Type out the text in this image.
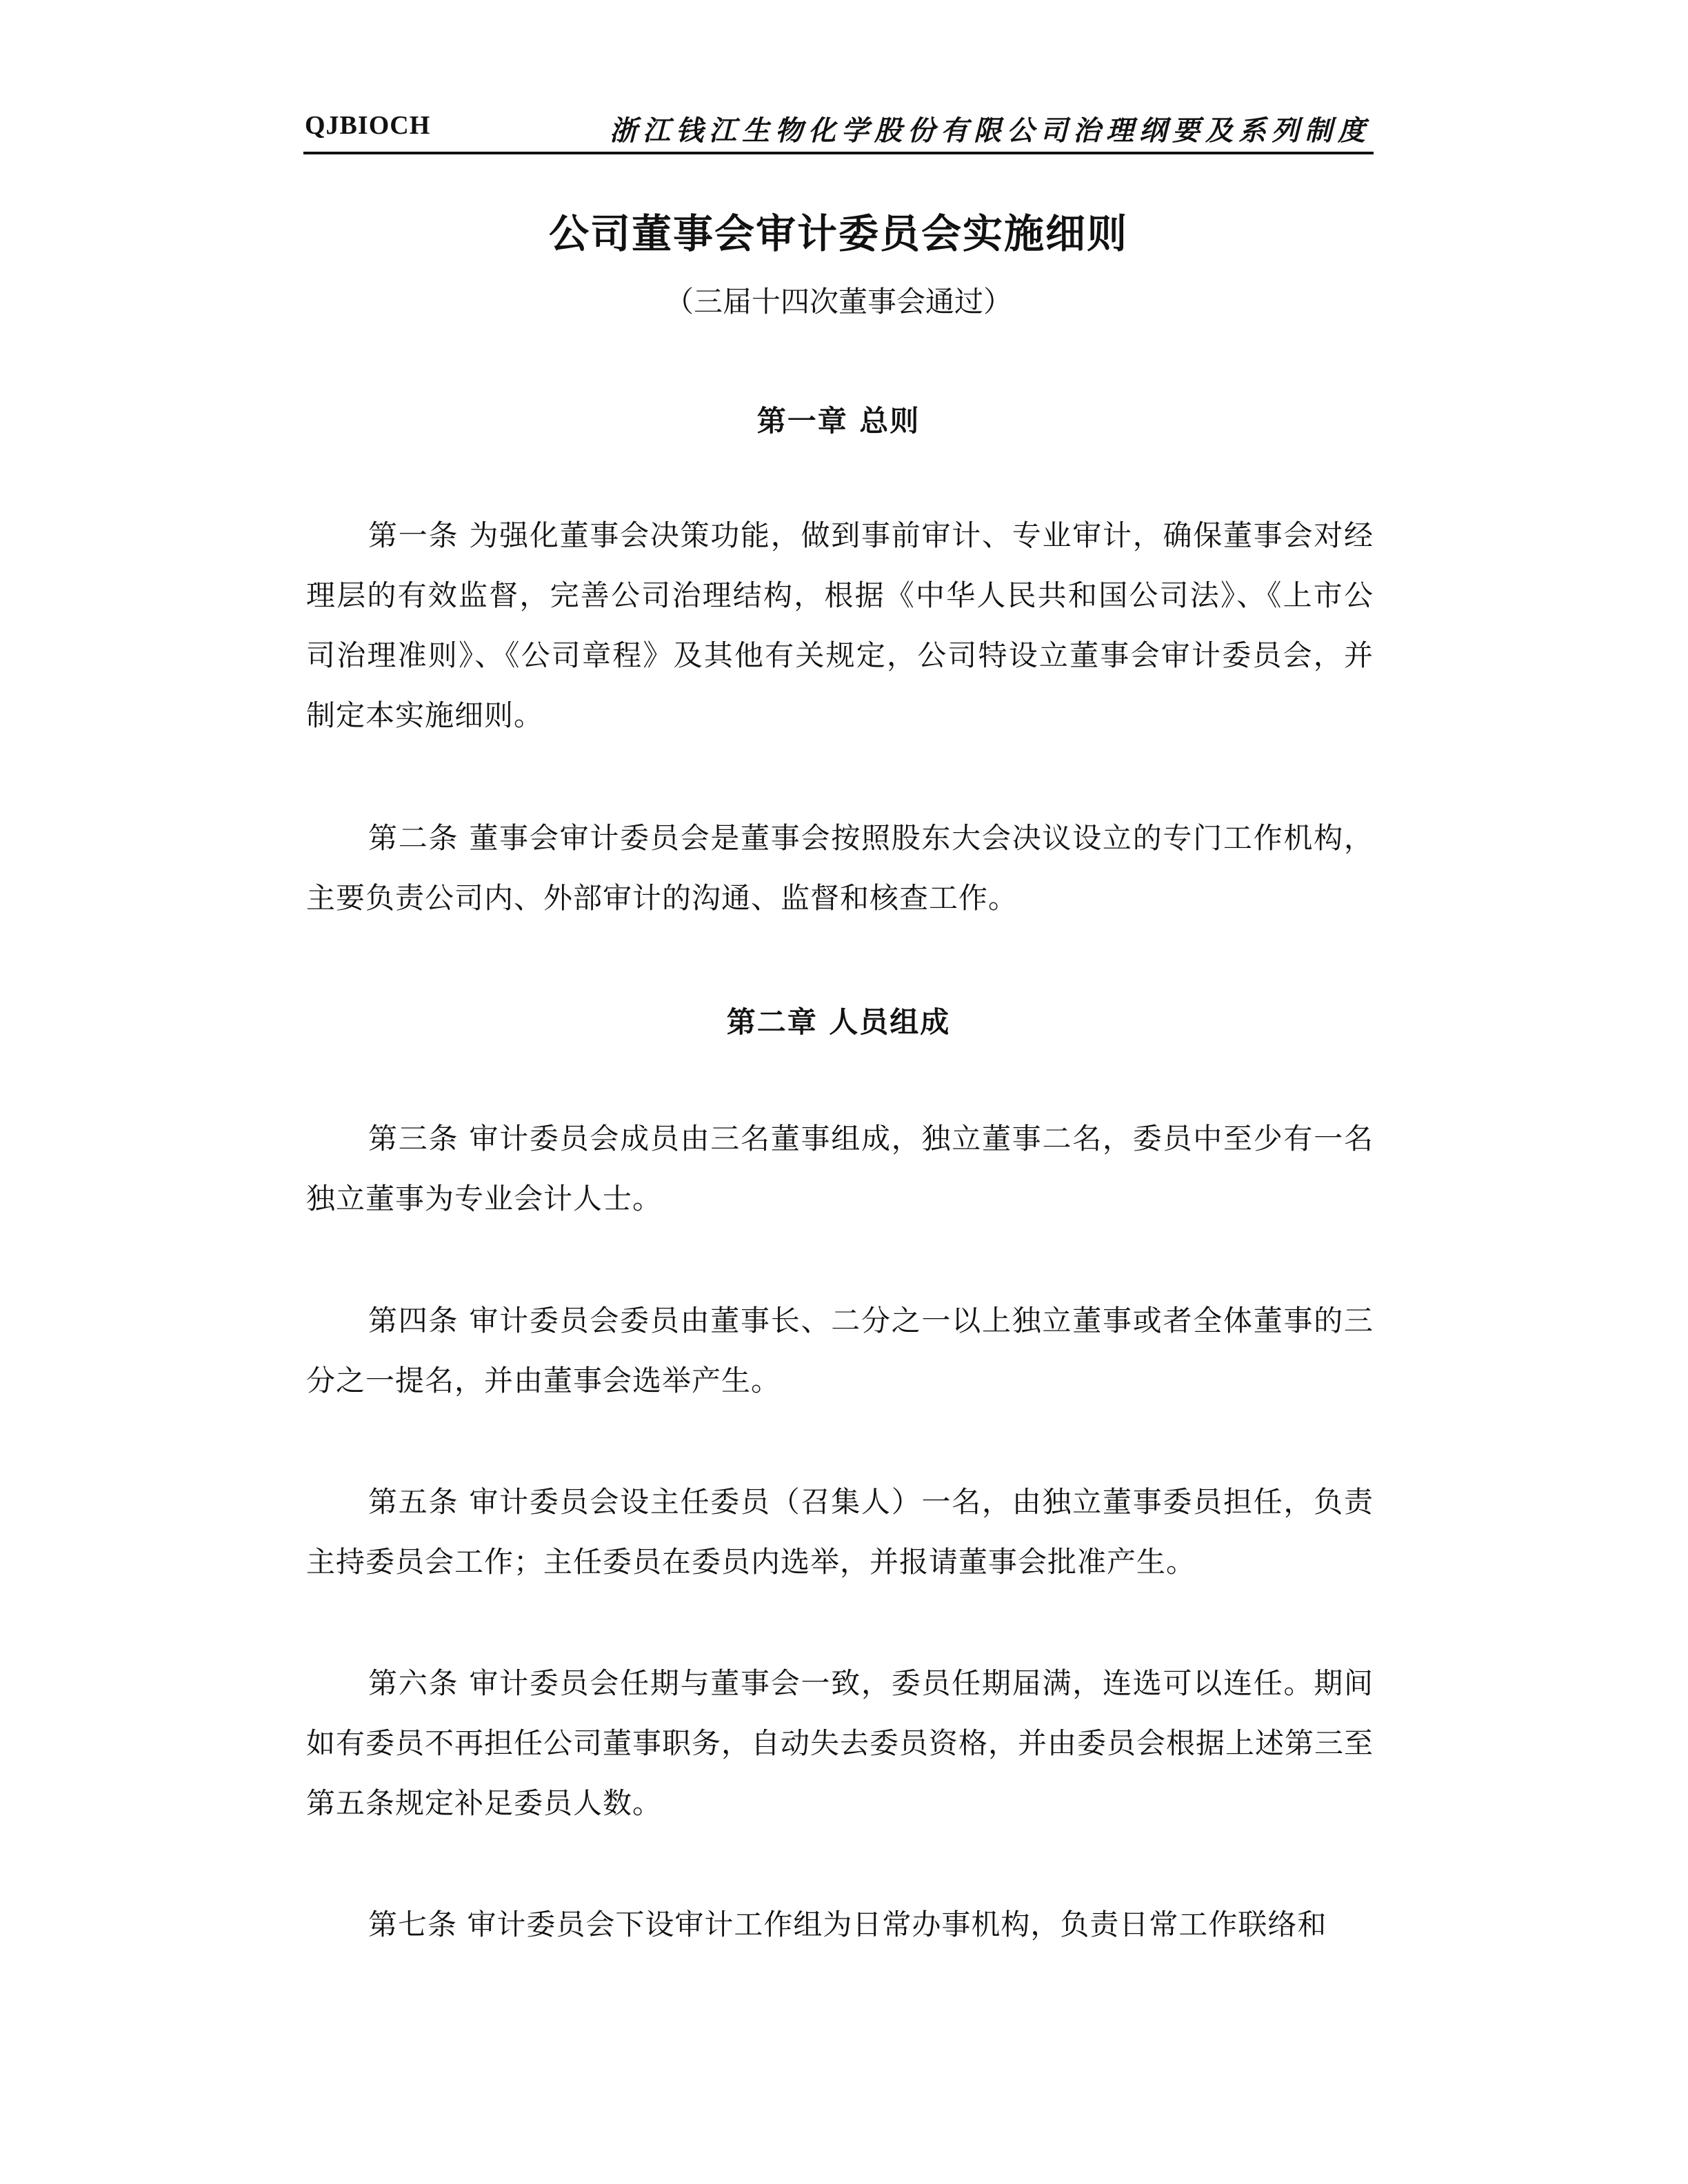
QJBIOCH	浙江钱江生物化学股份有限公司治理纲要及系列制度
公司董事会审计委员会实施细则
（三届十四次董事会通过）
第一章 总则

第一条 为强化董事会决策功能，做到事前审计、专业审计，确保董事会对经理层的有效监督，完善公司治理结构，根据《中华人民共和国公司法》、《上市公司治理准则》、《公司章程》及其他有关规定，公司特设立董事会审计委员会，并制定本实施细则。

第二条 董事会审计委员会是董事会按照股东大会决议设立的专门工作机构，主要负责公司内、外部审计的沟通、监督和核查工作。

第二章 人员组成

第三条 审计委员会成员由三名董事组成，独立董事二名，委员中至少有一名独立董事为专业会计人士。

第四条 审计委员会委员由董事长、二分之一以上独立董事或者全体董事的三分之一提名，并由董事会选举产生。

第五条 审计委员会设主任委员（召集人）一名，由独立董事委员担任，负责主持委员会工作；主任委员在委员内选举，并报请董事会批准产生。

第六条 审计委员会任期与董事会一致，委员任期届满，连选可以连任。期间如有委员不再担任公司董事职务，自动失去委员资格，并由委员会根据上述第三至第五条规定补足委员人数。

第七条 审计委员会下设审计工作组为日常办事机构，负责日常工作联络和
